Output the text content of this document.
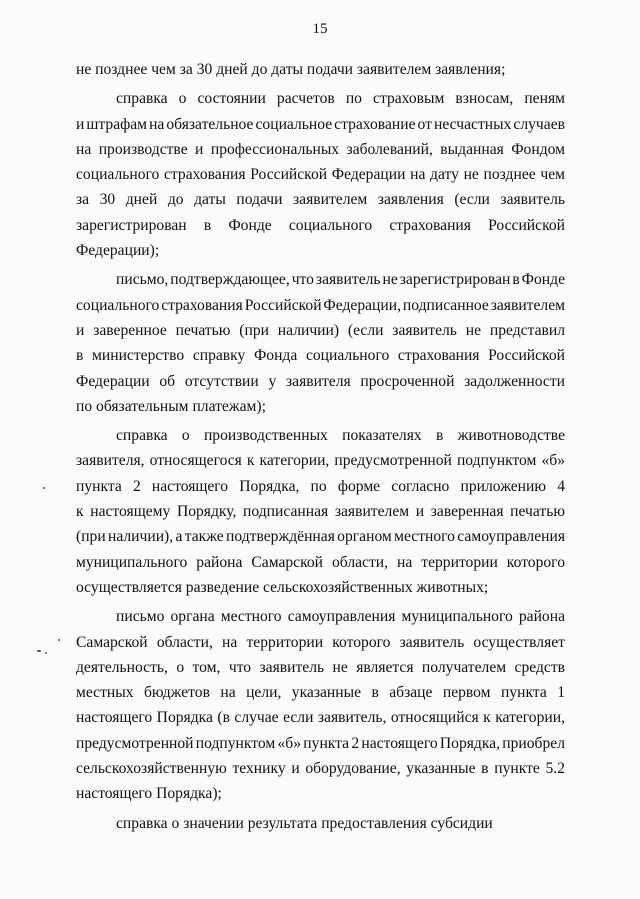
15
не позднее чем за 30 дней до даты подачи заявителем заявления;
справка о состоянии расчетов по страховым взносам, пеням
и штрафам на обязательное социальное страхование от несчастных случаев
на производстве и профессиональных заболеваний, выданная Фондом
социального страхования Российской Федерации на дату не позднее чем
за 30 дней до даты подачи заявителем заявления (если заявитель
зарегистрирован в Фонде социального страхования Российской
Федерации);
письмо, подтверждающее, что заявитель не зарегистрирован в Фонде
социального страхования Российской Федерации, подписанное заявителем
и заверенное печатью (при наличии) (если заявитель не представил
в министерство справку Фонда социального страхования Российской
Федерации об отсутствии у заявителя просроченной задолженности
по обязательным платежам);
справка о производственных показателях в животноводстве
заявителя, относящегося к категории, предусмотренной подпунктом «б»
пункта 2 настоящего Порядка, по форме согласно приложению 4
к настоящему Порядку, подписанная заявителем и заверенная печатью
(при наличии), а также подтверждённая органом местного самоуправления
муниципального района Самарской области, на территории которого
осуществляется разведение сельскохозяйственных животных;
письмо органа местного самоуправления муниципального района
Самарской области, на территории которого заявитель осуществляет
деятельность, о том, что заявитель не является получателем средств
местных бюджетов на цели, указанные в абзаце первом пункта 1
настоящего Порядка (в случае если заявитель, относящийся к категории,
предусмотренной подпунктом «б» пункта 2 настоящего Порядка, приобрел
сельскохозяйственную технику и оборудование, указанные в пункте 5.2
настоящего Порядка);
справка о значении результата предоставления субсидии
